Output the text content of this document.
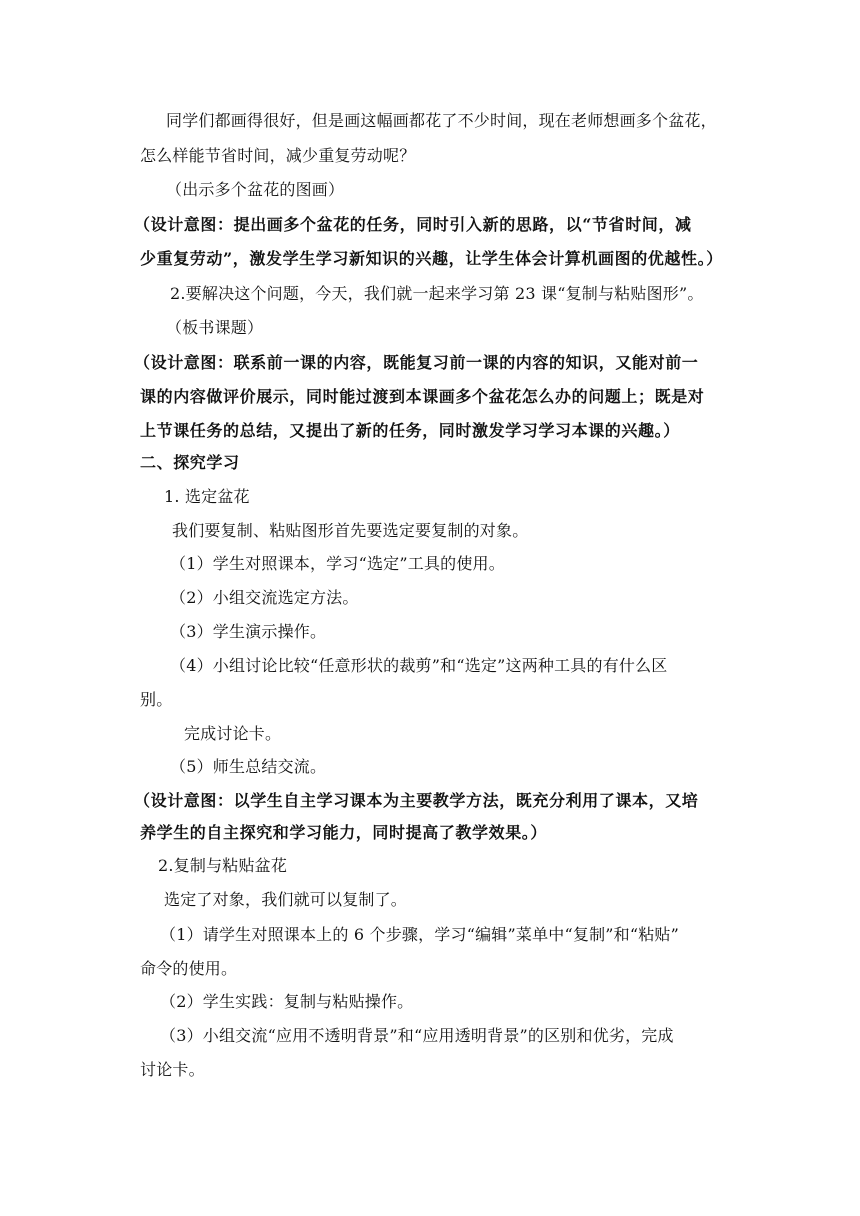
同学们都画得很好，但是画这幅画都花了不少时间，现在老师想画多个盆花，
怎么样能节省时间，减少重复劳动呢？
（出示多个盆花的图画）
（设计意图：提出画多个盆花的任务，同时引入新的思路，以“节省时间，减
少重复劳动”，激发学生学习新知识的兴趣，让学生体会计算机画图的优越性。）
2.要解决这个问题，今天，我们就一起来学习第 23 课“复制与粘贴图形”。
（板书课题）
（设计意图：联系前一课的内容，既能复习前一课的内容的知识，又能对前一
课的内容做评价展示，同时能过渡到本课画多个盆花怎么办的问题上；既是对
上节课任务的总结，又提出了新的任务，同时激发学习学习本课的兴趣。）
二、探究学习
1. 选定盆花
我们要复制、粘贴图形首先要选定要复制的对象。
（1）学生对照课本，学习“选定”工具的使用。
（2）小组交流选定方法。
（3）学生演示操作。
（4）小组讨论比较“任意形状的裁剪”和“选定”这两种工具的有什么区
别。
完成讨论卡。
（5）师生总结交流。
（设计意图：以学生自主学习课本为主要教学方法，既充分利用了课本，又培
养学生的自主探究和学习能力，同时提高了教学效果。）
2.复制与粘贴盆花
选定了对象，我们就可以复制了。
（1）请学生对照课本上的 6 个步骤，学习“编辑”菜单中“复制”和“粘贴”
命令的使用。
（2）学生实践：复制与粘贴操作。
（3）小组交流“应用不透明背景”和“应用透明背景”的区别和优劣，完成
讨论卡。
